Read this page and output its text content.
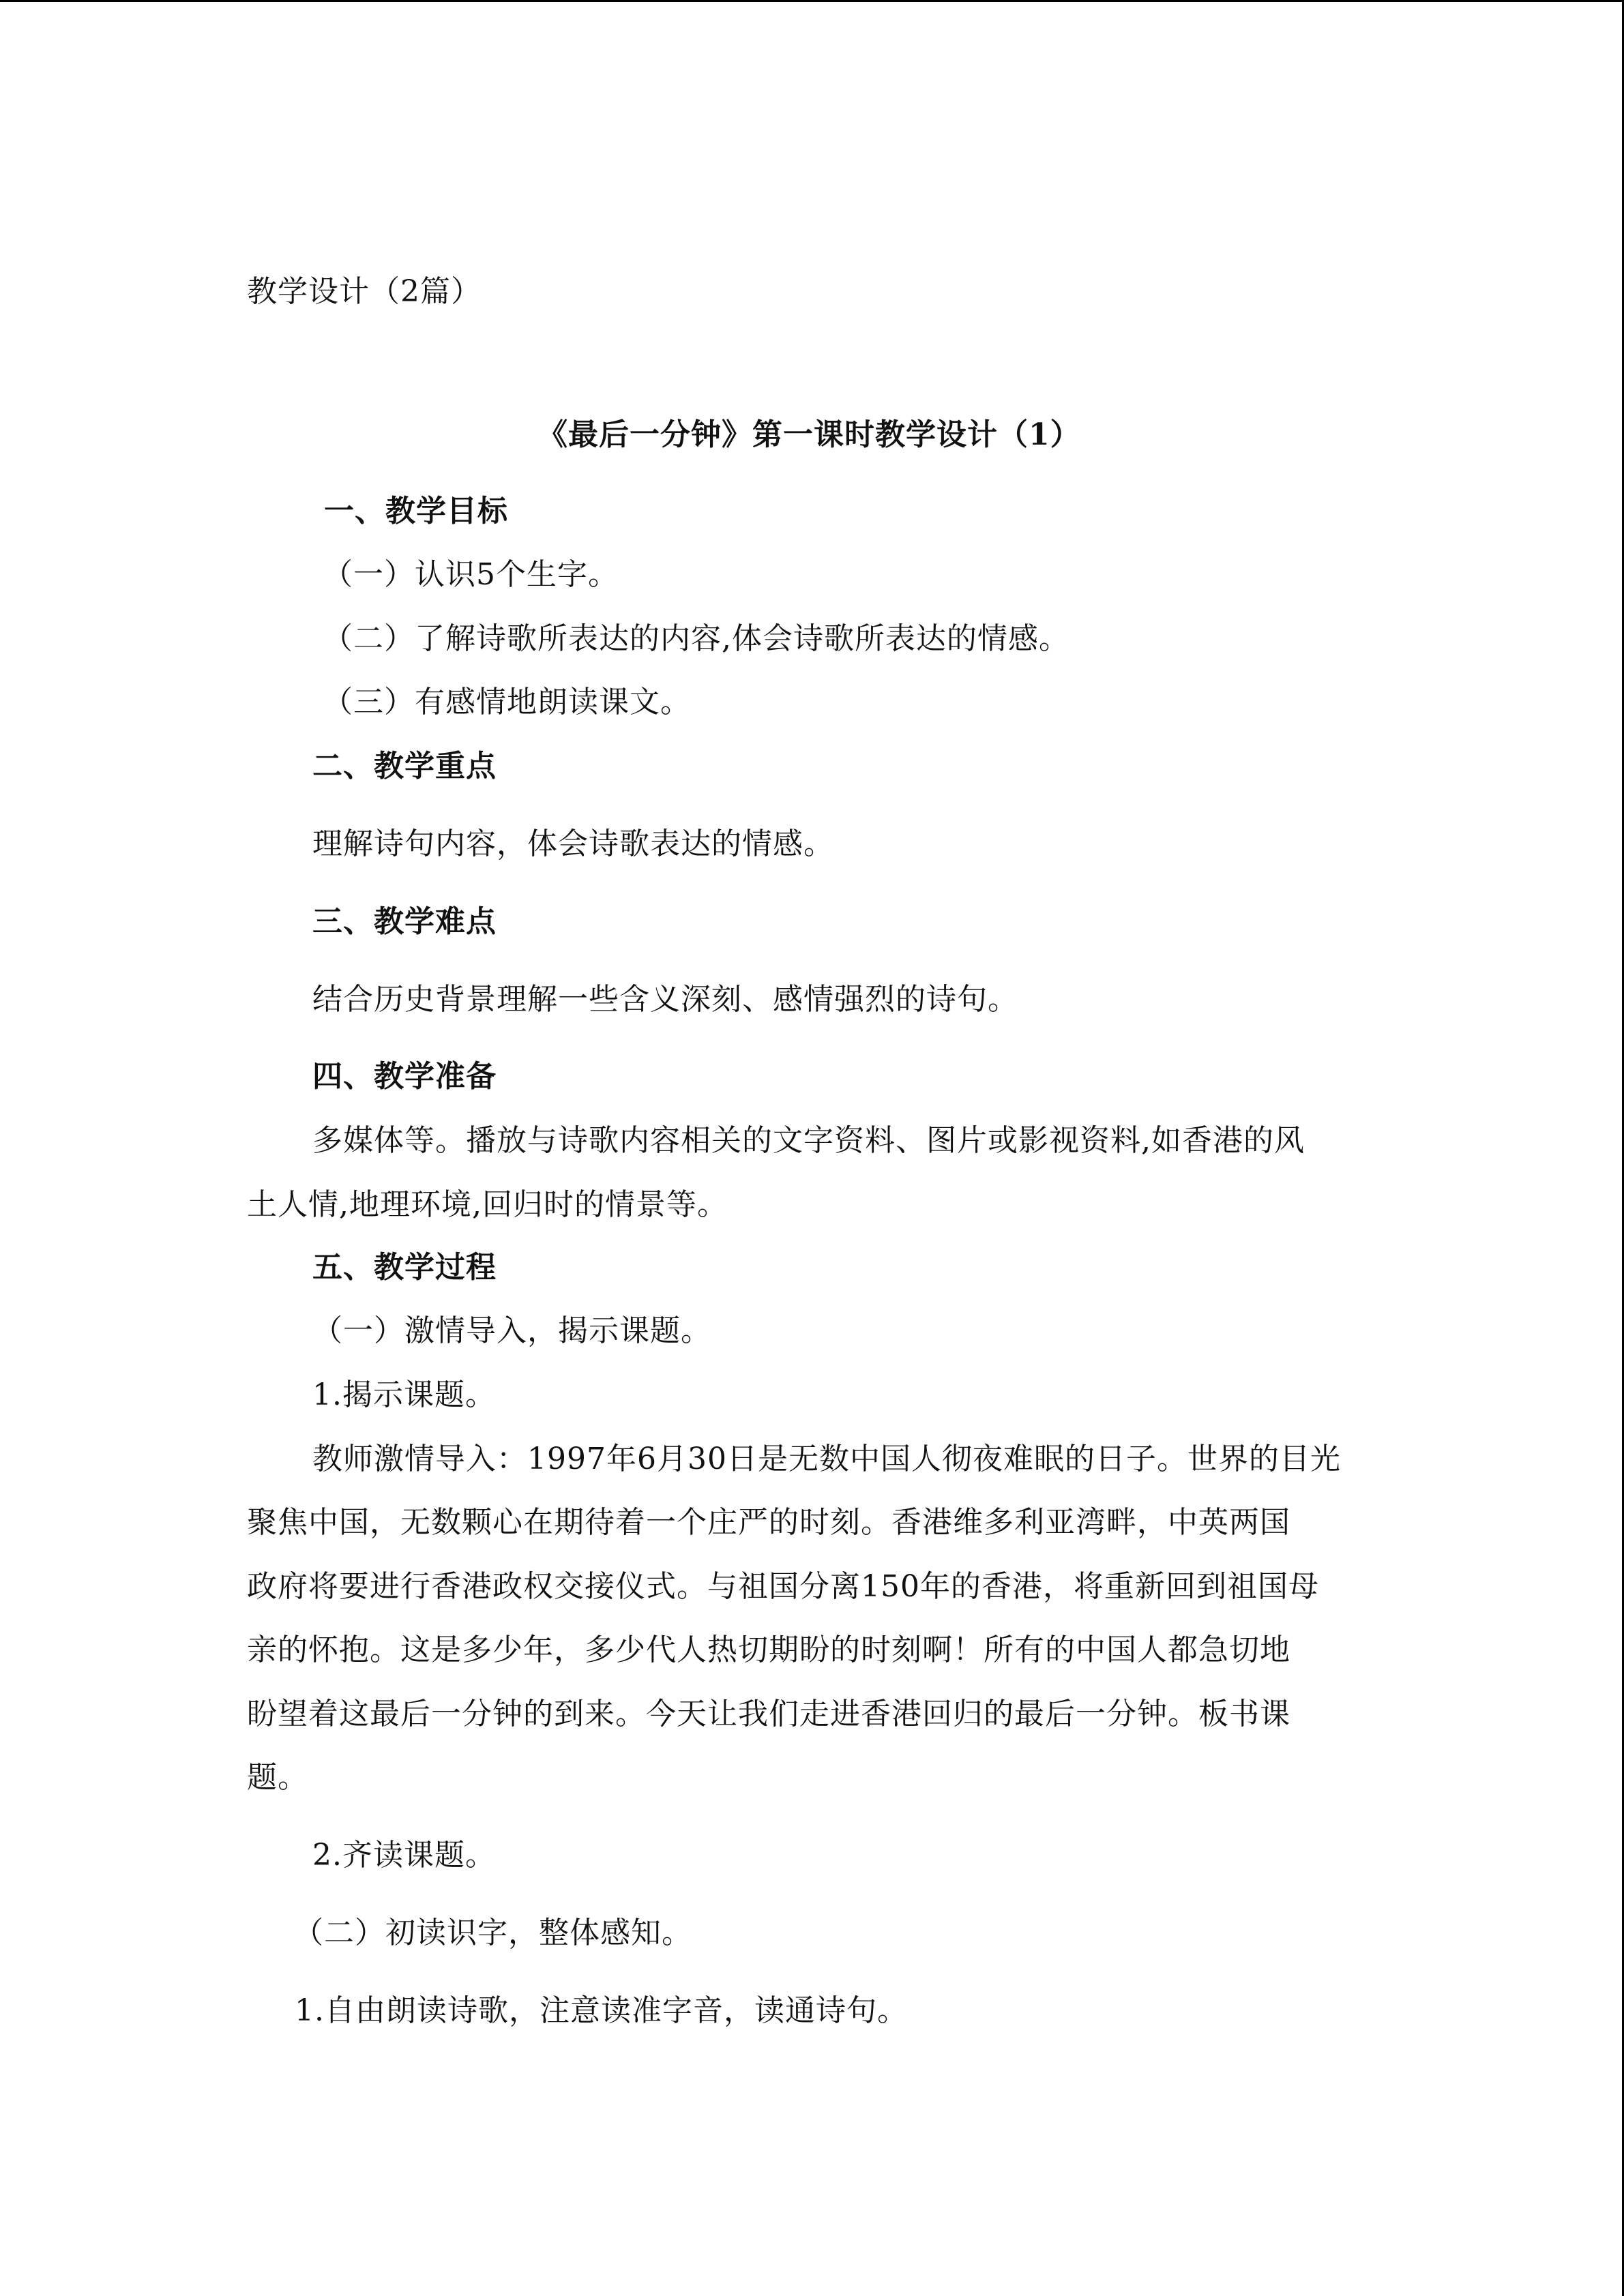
教学设计（2篇）
《最后一分钟》第一课时教学设计（1）
一、教学目标
（一）认识5个生字。
（二）了解诗歌所表达的内容,体会诗歌所表达的情感。
（三）有感情地朗读课文。
二、教学重点
理解诗句内容，体会诗歌表达的情感。
三、教学难点
结合历史背景理解一些含义深刻、感情强烈的诗句。
四、教学准备
多媒体等。播放与诗歌内容相关的文字资料、图片或影视资料,如香港的风
土人情,地理环境,回归时的情景等。
五、教学过程
（一）激情导入，揭示课题。
1.揭示课题。
教师激情导入：1997年6月30日是无数中国人彻夜难眠的日子。世界的目光
聚焦中国，无数颗心在期待着一个庄严的时刻。香港维多利亚湾畔，中英两国
政府将要进行香港政权交接仪式。与祖国分离150年的香港，将重新回到祖国母
亲的怀抱。这是多少年，多少代人热切期盼的时刻啊！所有的中国人都急切地
盼望着这最后一分钟的到来。今天让我们走进香港回归的最后一分钟。板书课
题。
2.齐读课题。
（二）初读识字，整体感知。
1.自由朗读诗歌，注意读准字音，读通诗句。
